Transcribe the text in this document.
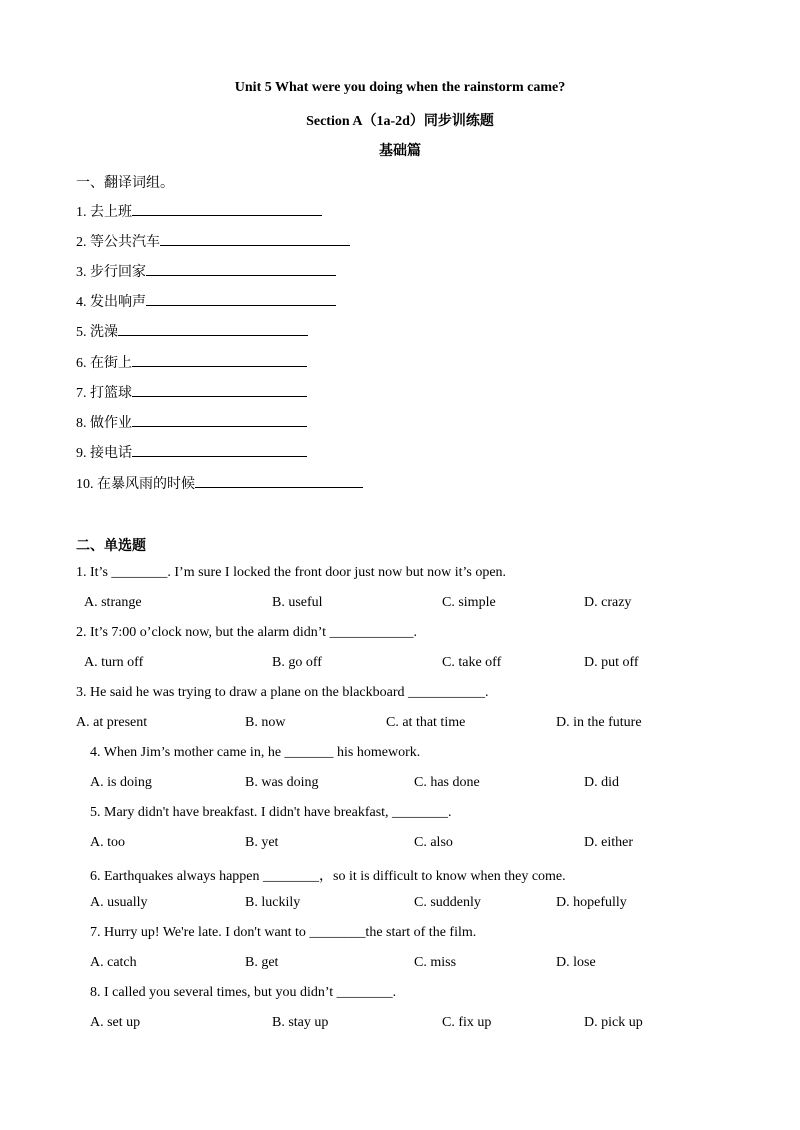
Unit 5 What were you doing when the rainstorm came?
Section A（1a-2d）同步训练题
基础篇
一、翻译词组。
1. 去上班
2. 等公共汽车
3. 步行回家
4. 发出响声
5. 洗澡
6. 在街上
7. 打篮球
8. 做作业
9. 接电话
10. 在暴风雨的时候
二、单选题
1. It’s ________. I’m sure I locked the front door just now but now it’s open.
A. strange	B. useful	C. simple	D. crazy
2. It’s 7:00 o’clock now, but the alarm didn’t ____________.
A. turn off	B. go off	C. take off	D. put off
3. He said he was trying to draw a plane on the blackboard ___________.
A. at present	B. now	C. at that time	D. in the future
4. When Jim’s mother came in, he _______ his homework.
A. is doing	B. was doing	C. has done	D. did
5. Mary didn't have breakfast. I didn't have breakfast, ________.
A. too	B. yet	C. also	D. either
6. Earthquakes always happen ________，so it is difficult to know when they come.
A. usually	B. luckily	C. suddenly	D. hopefully
7. Hurry up! We're late. I don't want to ________the start of the film.
A. catch	B. get	C. miss	D. lose
8. I called you several times, but you didn’t ________.
A. set up	B. stay up	C. fix up	D. pick up
